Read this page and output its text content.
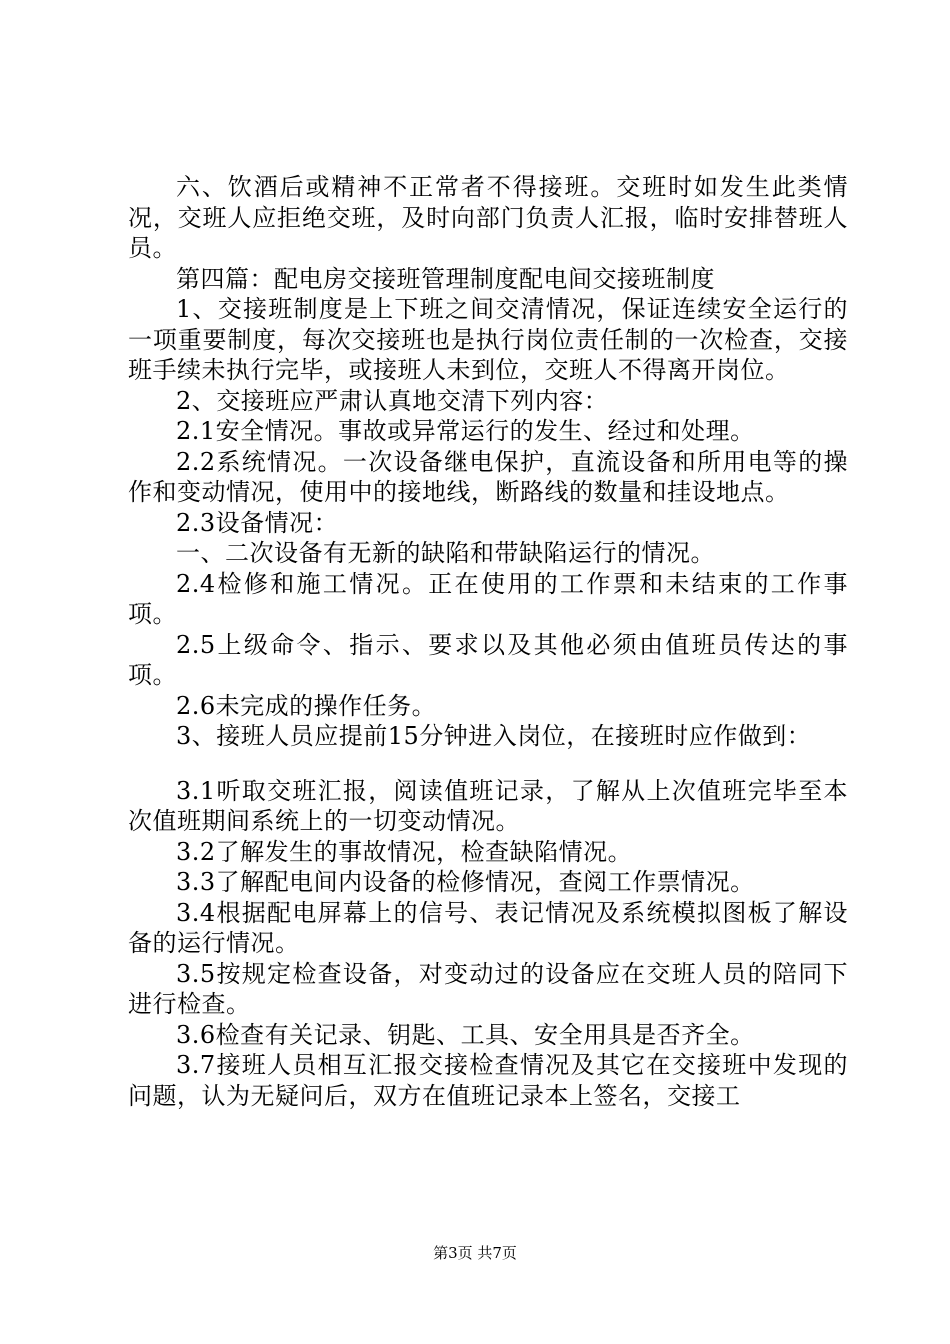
六、饮酒后或精神不正常者不得接班。交班时如发生此类情况，交班人应拒绝交班，及时向部门负责人汇报，临时安排替班人员。

第四篇：配电房交接班管理制度配电间交接班制度

1、交接班制度是上下班之间交清情况，保证连续安全运行的一项重要制度，每次交接班也是执行岗位责任制的一次检查，交接班手续未执行完毕，或接班人未到位，交班人不得离开岗位。

2、交接班应严肃认真地交清下列内容：

2.1安全情况。事故或异常运行的发生、经过和处理。

2.2系统情况。一次设备继电保护，直流设备和所用电等的操作和变动情况，使用中的接地线，断路线的数量和挂设地点。

2.3设备情况：

一、二次设备有无新的缺陷和带缺陷运行的情况。

2.4检修和施工情况。正在使用的工作票和未结束的工作事项。

2.5上级命令、指示、要求以及其他必须由值班员传达的事项。

2.6未完成的操作任务。

3、接班人员应提前15分钟进入岗位，在接班时应作做到：

3.1听取交班汇报，阅读值班记录，了解从上次值班完毕至本次值班期间系统上的一切变动情况。

3.2了解发生的事故情况，检查缺陷情况。

3.3了解配电间内设备的检修情况，查阅工作票情况。

3.4根据配电屏幕上的信号、表记情况及系统模拟图板了解设备的运行情况。

3.5按规定检查设备，对变动过的设备应在交班人员的陪同下进行检查。

3.6检查有关记录、钥匙、工具、安全用具是否齐全。

3.7接班人员相互汇报交接检查情况及其它在交接班中发现的问题，认为无疑问后，双方在值班记录本上签名，交接工

第3页 共7页
